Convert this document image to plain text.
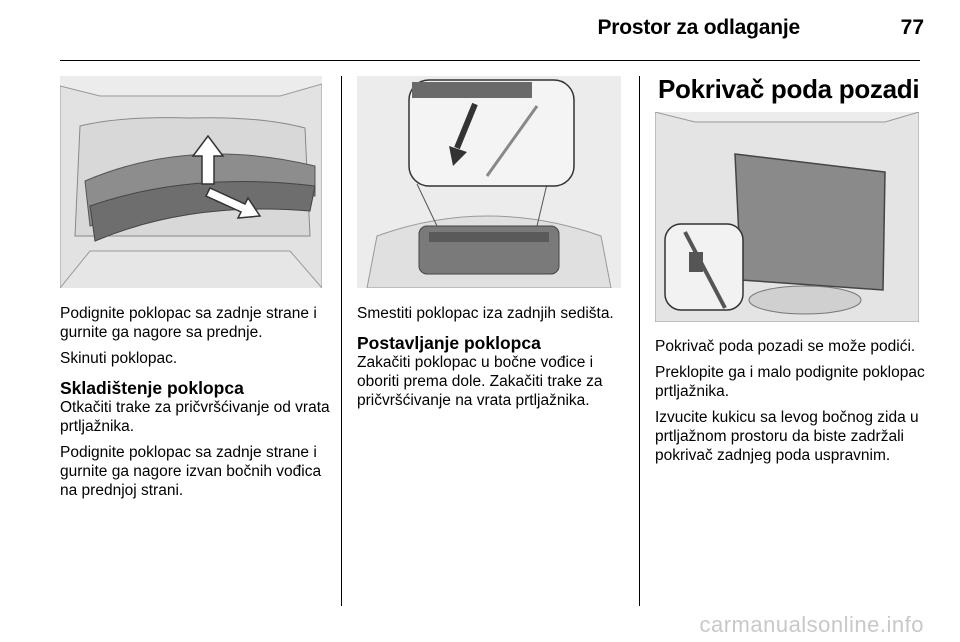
Prostor za odlaganje	77

Podignite poklopac sa zadnje strane i gurnite ga nagore sa prednje.

Skinuti poklopac.

Skladištenje poklopca

Otkačiti trake za pričvršćivanje od vrata prtljažnika.

Podignite poklopac sa zadnje strane i gurnite ga nagore izvan bočnih vođica na prednjoj strani.

Smestiti poklopac iza zadnjih sedišta.

Postavljanje poklopca

Zakačiti poklopac u bočne vođice i oboriti prema dole. Zakačiti trake za pričvršćivanje na vrata prtljažnika.

Pokrivač poda pozadi

Pokrivač poda pozadi se može podići.

Preklopite ga i malo podignite poklopac prtljažnika.

Izvucite kukicu sa levog bočnog zida u prtljažnom prostoru da biste zadržali pokrivač zadnjeg poda uspravnim.

carmanualsonline.info
